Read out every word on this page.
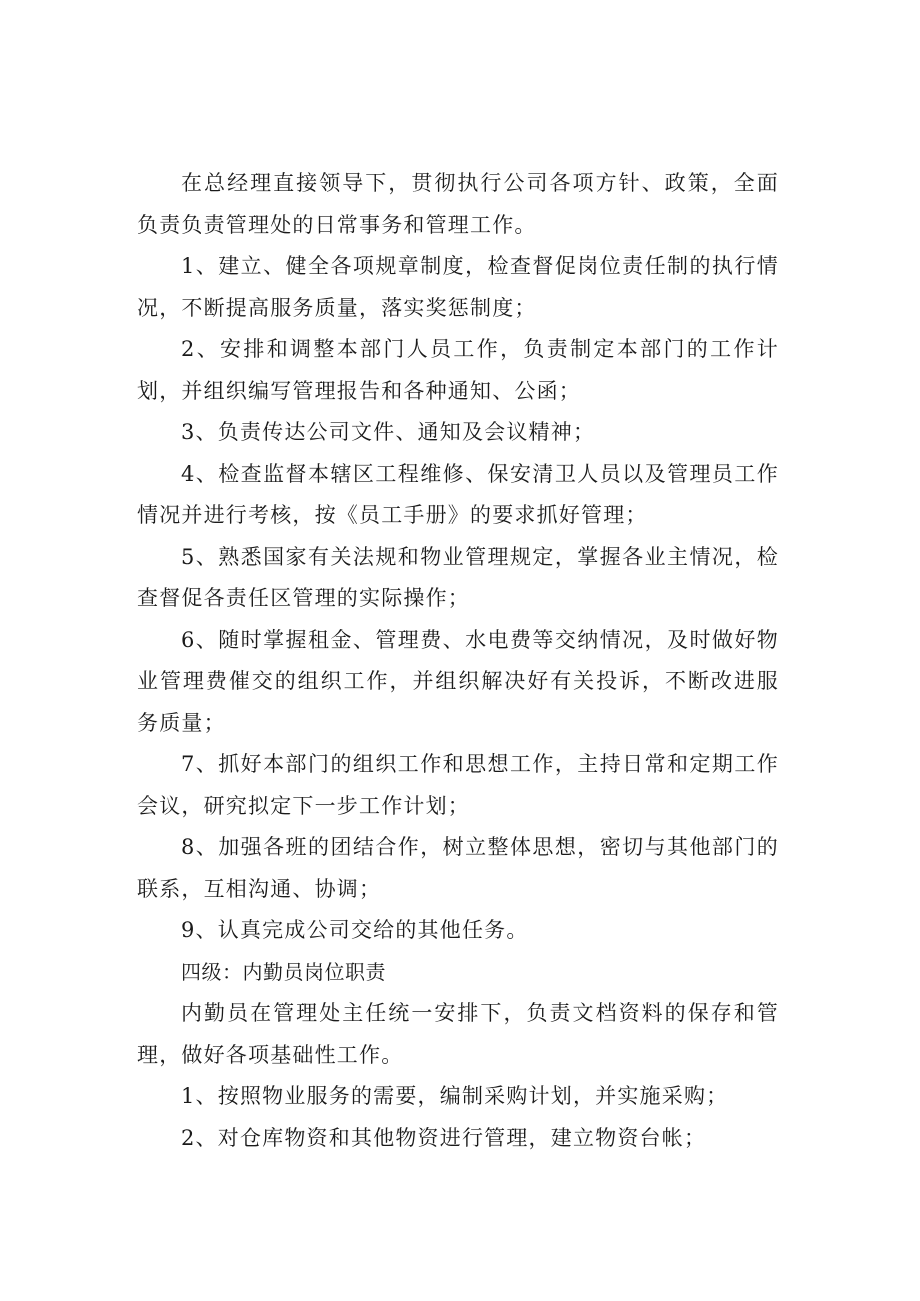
在总经理直接领导下，贯彻执行公司各项方针、政策，全面负责负责管理处的日常事务和管理工作。

1、建立、健全各项规章制度，检查督促岗位责任制的执行情况，不断提高服务质量，落实奖惩制度；

2、安排和调整本部门人员工作，负责制定本部门的工作计划，并组织编写管理报告和各种通知、公函；

3、负责传达公司文件、通知及会议精神；

4、检查监督本辖区工程维修、保安清卫人员以及管理员工作情况并进行考核，按《员工手册》的要求抓好管理；

5、熟悉国家有关法规和物业管理规定，掌握各业主情况，检查督促各责任区管理的实际操作；

6、随时掌握租金、管理费、水电费等交纳情况，及时做好物业管理费催交的组织工作，并组织解决好有关投诉，不断改进服务质量；

7、抓好本部门的组织工作和思想工作，主持日常和定期工作会议，研究拟定下一步工作计划；

8、加强各班的团结合作，树立整体思想，密切与其他部门的联系，互相沟通、协调；

9、认真完成公司交给的其他任务。

四级：内勤员岗位职责

内勤员在管理处主任统一安排下，负责文档资料的保存和管理，做好各项基础性工作。

1、按照物业服务的需要，编制采购计划，并实施采购；

2、对仓库物资和其他物资进行管理，建立物资台帐；
